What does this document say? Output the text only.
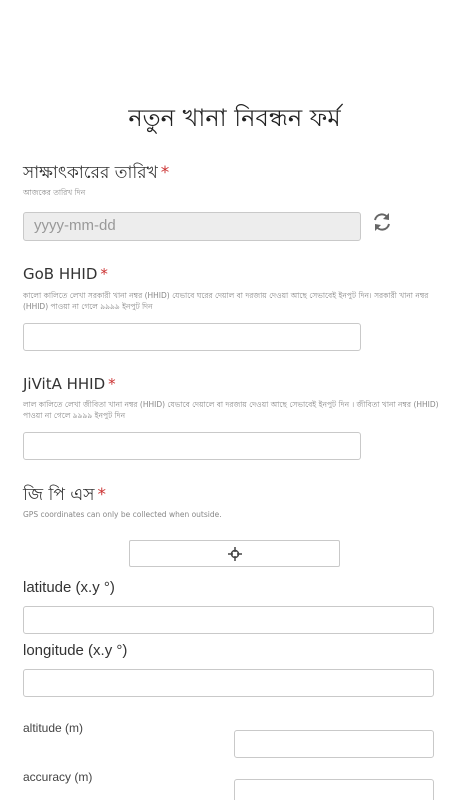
নতুন খানা নিবন্ধন ফর্ম
সাক্ষাৎকারের তারিখ *
আজকের তারিখ দিন
yyyy-mm-dd
GoB HHID *
কালো কালিতে লেখা সরকারী খানা নম্বর (HHID) যেভাবে ঘরের দেয়াল বা দরজায় দেওয়া আছে সেভাবেই ইনপুট দিন। সরকারী খানা নম্বর (HHID) পাওয়া না গেলে ৯৯৯৯ ইনপুট দিন
JiVitA HHID *
লাল কালিতে লেখা জীবিতা খানা নম্বর (HHID) যেভাবে দেয়ালে বা দরজায় দেওয়া আছে সেভাবেই ইনপুট দিন । জীবিতা খানা নম্বর (HHID) পাওয়া না গেলে ৯৯৯৯ ইনপুট দিন
জি পি এস *
GPS coordinates can only be collected when outside.
latitude (x.y °)
longitude (x.y °)
altitude (m)
accuracy (m)
